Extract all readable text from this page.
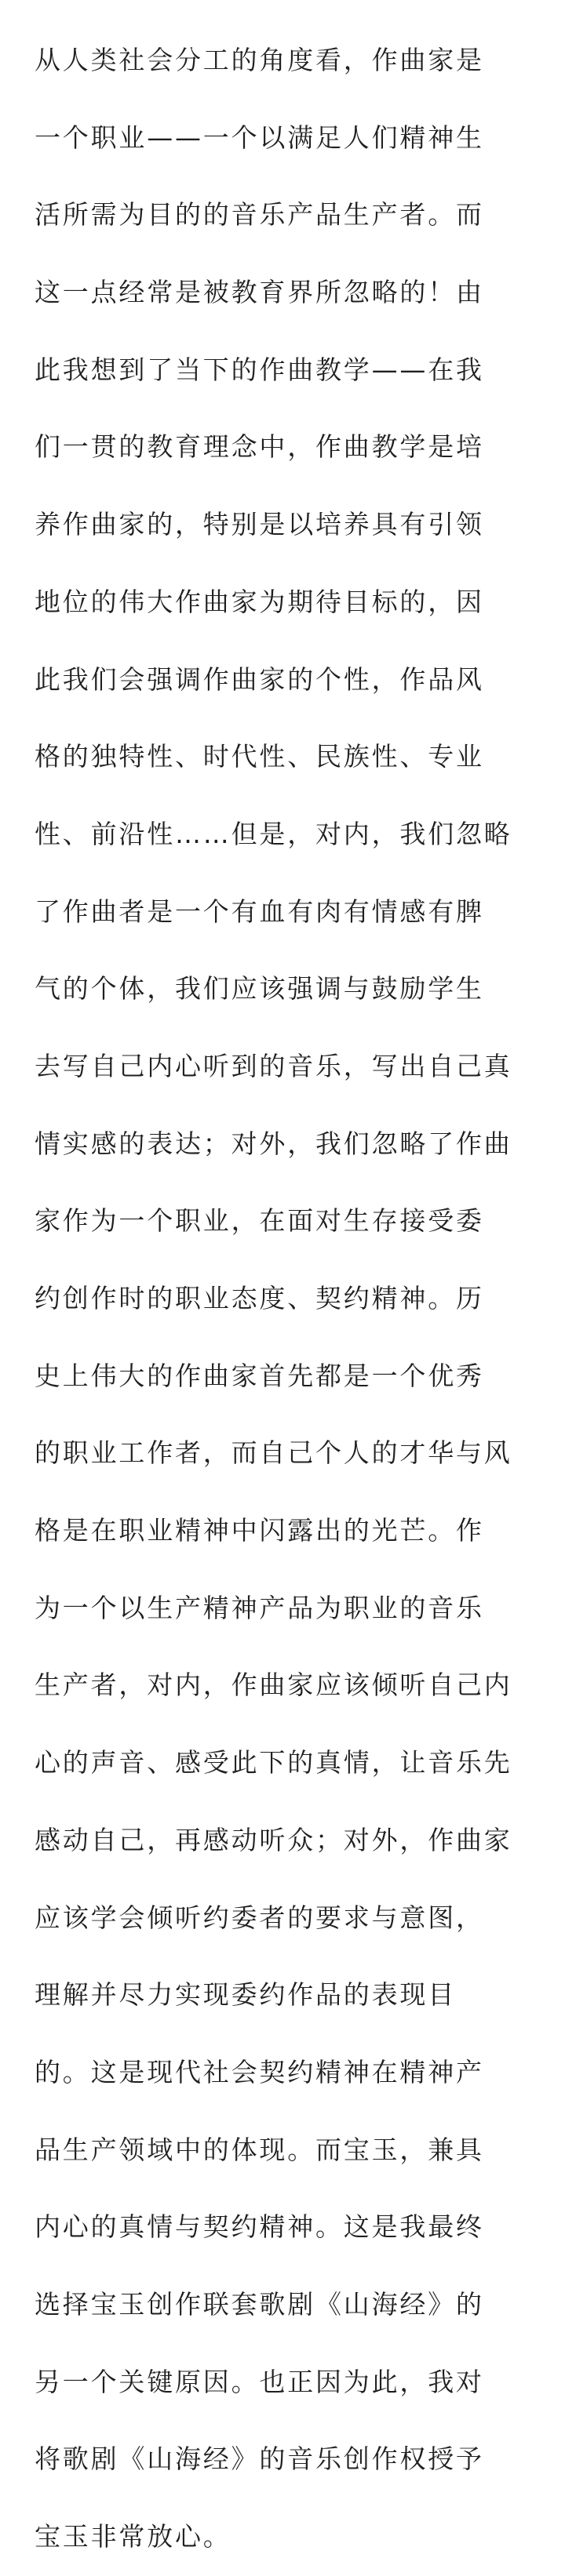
从人类社会分工的角度看，作曲家是
一个职业——一个以满足人们精神生
活所需为目的的音乐产品生产者。而
这一点经常是被教育界所忽略的！由
此我想到了当下的作曲教学——在我
们一贯的教育理念中，作曲教学是培
养作曲家的，特别是以培养具有引领
地位的伟大作曲家为期待目标的，因
此我们会强调作曲家的个性，作品风
格的独特性、时代性、民族性、专业
性、前沿性……但是，对内，我们忽略
了作曲者是一个有血有肉有情感有脾
气的个体，我们应该强调与鼓励学生
去写自己内心听到的音乐，写出自己真
情实感的表达；对外，我们忽略了作曲
家作为一个职业，在面对生存接受委
约创作时的职业态度、契约精神。历
史上伟大的作曲家首先都是一个优秀
的职业工作者，而自己个人的才华与风
格是在职业精神中闪露出的光芒。作
为一个以生产精神产品为职业的音乐
生产者，对内，作曲家应该倾听自己内
心的声音、感受此下的真情，让音乐先
感动自己，再感动听众；对外，作曲家
应该学会倾听约委者的要求与意图，
理解并尽力实现委约作品的表现目
的。这是现代社会契约精神在精神产
品生产领域中的体现。而宝玉，兼具
内心的真情与契约精神。这是我最终
选择宝玉创作联套歌剧《山海经》的
另一个关键原因。也正因为此，我对
将歌剧《山海经》的音乐创作权授予
宝玉非常放心。
